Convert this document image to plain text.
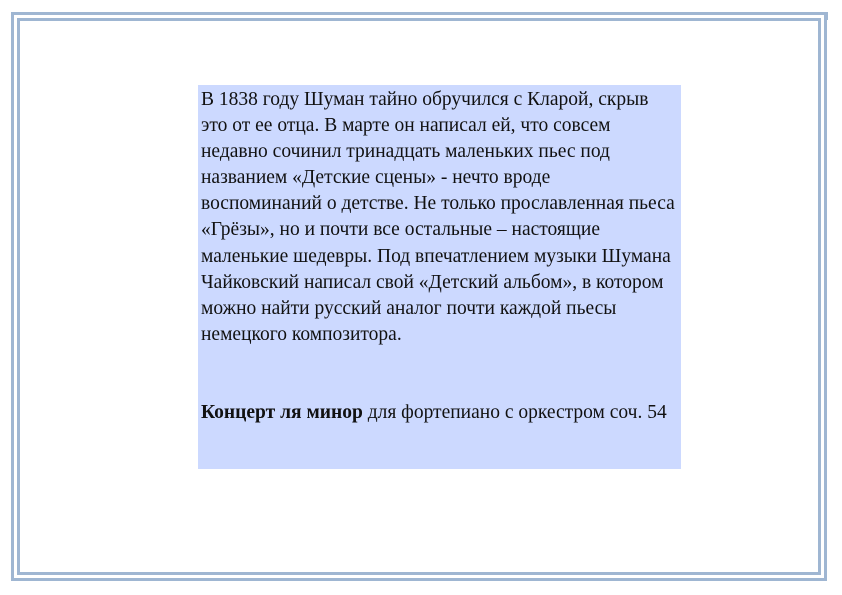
В 1838 году Шуман тайно обручился с Кларой, скрыв это от ее отца. В марте он написал ей, что совсем недавно сочинил тринадцать маленьких пьес под названием «Детские сцены» - нечто вроде воспоминаний о детстве. Не только прославленная пьеса «Грёзы», но и почти все остальные – настоящие маленькие шедевры. Под впечатлением музыки Шумана Чайковский написал свой «Детский альбом», в котором можно найти русский аналог почти каждой пьесы немецкого композитора.

Концерт ля минор для фортепиано с оркестром соч. 54
